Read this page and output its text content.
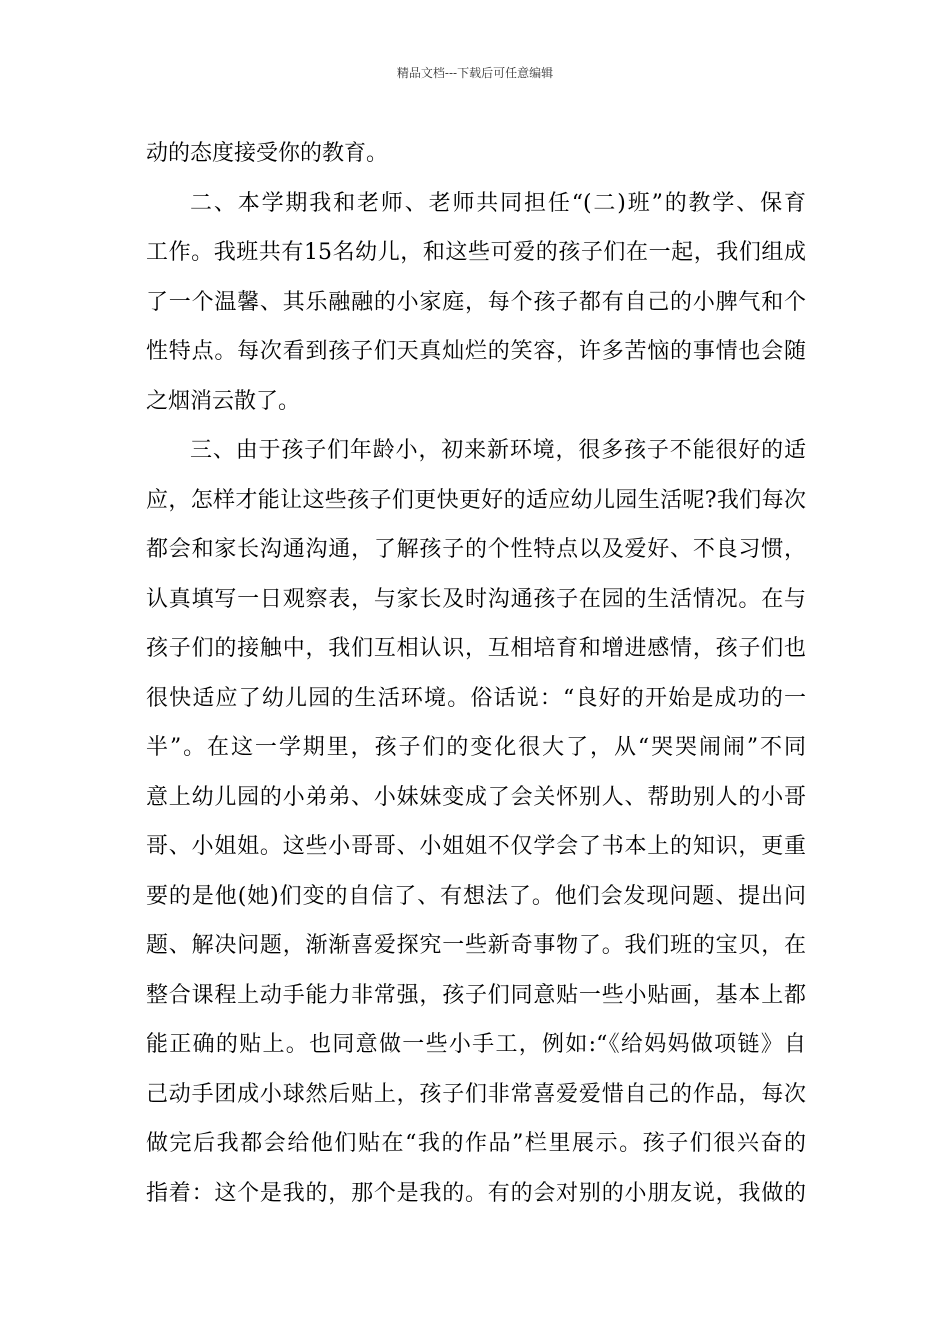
精品文档---下载后可任意编辑
动的态度接受你的教育。
二、本学期我和老师、老师共同担任“(二)班”的教学、保育
工作。我班共有15名幼儿，和这些可爱的孩子们在一起，我们组成
了一个温馨、其乐融融的小家庭，每个孩子都有自己的小脾气和个
性特点。每次看到孩子们天真灿烂的笑容，许多苦恼的事情也会随
之烟消云散了。
三、由于孩子们年龄小，初来新环境，很多孩子不能很好的适
应，怎样才能让这些孩子们更快更好的适应幼儿园生活呢?我们每次
都会和家长沟通沟通，了解孩子的个性特点以及爱好、不良习惯，
认真填写一日观察表，与家长及时沟通孩子在园的生活情况。在与
孩子们的接触中，我们互相认识，互相培育和增进感情，孩子们也
很快适应了幼儿园的生活环境。俗话说：“良好的开始是成功的一
半”。在这一学期里，孩子们的变化很大了，从“哭哭闹闹”不同
意上幼儿园的小弟弟、小妹妹变成了会关怀别人、帮助别人的小哥
哥、小姐姐。这些小哥哥、小姐姐不仅学会了书本上的知识，更重
要的是他(她)们变的自信了、有想法了。他们会发现问题、提出问
题、解决问题，渐渐喜爱探究一些新奇事物了。我们班的宝贝，在
整合课程上动手能力非常强，孩子们同意贴一些小贴画，基本上都
能正确的贴上。也同意做一些小手工，例如:“《给妈妈做项链》自
己动手团成小球然后贴上，孩子们非常喜爱爱惜自己的作品，每次
做完后我都会给他们贴在“我的作品”栏里展示。孩子们很兴奋的
指着：这个是我的，那个是我的。有的会对别的小朋友说，我做的
